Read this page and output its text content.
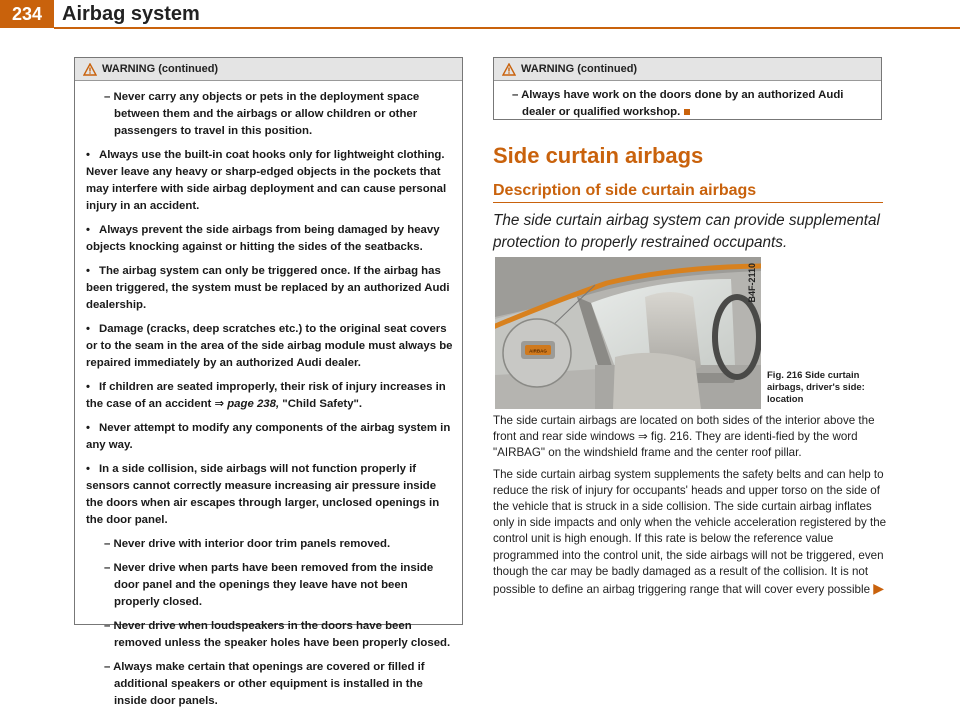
234 Airbag system
WARNING (continued)

– Never carry any objects or pets in the deployment space between them and the airbags or allow children or other passengers to travel in this position.

• Always use the built-in coat hooks only for lightweight clothing. Never leave any heavy or sharp-edged objects in the pockets that may interfere with side airbag deployment and can cause personal injury in an accident.

• Always prevent the side airbags from being damaged by heavy objects knocking against or hitting the sides of the seatbacks.

• The airbag system can only be triggered once. If the airbag has been triggered, the system must be replaced by an authorized Audi dealership.

• Damage (cracks, deep scratches etc.) to the original seat covers or to the seam in the area of the side airbag module must always be repaired immediately by an authorized Audi dealer.

• If children are seated improperly, their risk of injury increases in the case of an accident ⇒ page 238, "Child Safety".

• Never attempt to modify any components of the airbag system in any way.

• In a side collision, side airbags will not function properly if sensors cannot correctly measure increasing air pressure inside the doors when air escapes through larger, unclosed openings in the door panel.

– Never drive with interior door trim panels removed.

– Never drive when parts have been removed from the inside door panel and the openings they leave have not been properly closed.

– Never drive when loudspeakers in the doors have been removed unless the speaker holes have been properly closed.

– Always make certain that openings are covered or filled if additional speakers or other equipment is installed in the inside door panels.

WARNING (continued)

– Always have work on the doors done by an authorized Audi dealer or qualified workshop.

Side curtain airbags
Description of side curtain airbags
The side curtain airbag system can provide supplemental protection to properly restrained occupants.
AIRBAG
B4F-2110
Fig. 216 Side curtain airbags, driver's side: location

The side curtain airbags are located on both sides of the interior above the front and rear side windows ⇒ fig. 216. They are identi-fied by the word "AIRBAG" on the windshield frame and the center roof pillar.

The side curtain airbag system supplements the safety belts and can help to reduce the risk of injury for occupants' heads and upper torso on the side of the vehicle that is struck in a side collision. The side curtain airbag inflates only in side impacts and only when the vehicle acceleration registered by the control unit is high enough. If this rate is below the reference value programmed into the control unit, the side airbags will not be triggered, even though the car may be badly damaged as a result of the collision. It is not possible to define an airbag triggering range that will cover every possible ▶
